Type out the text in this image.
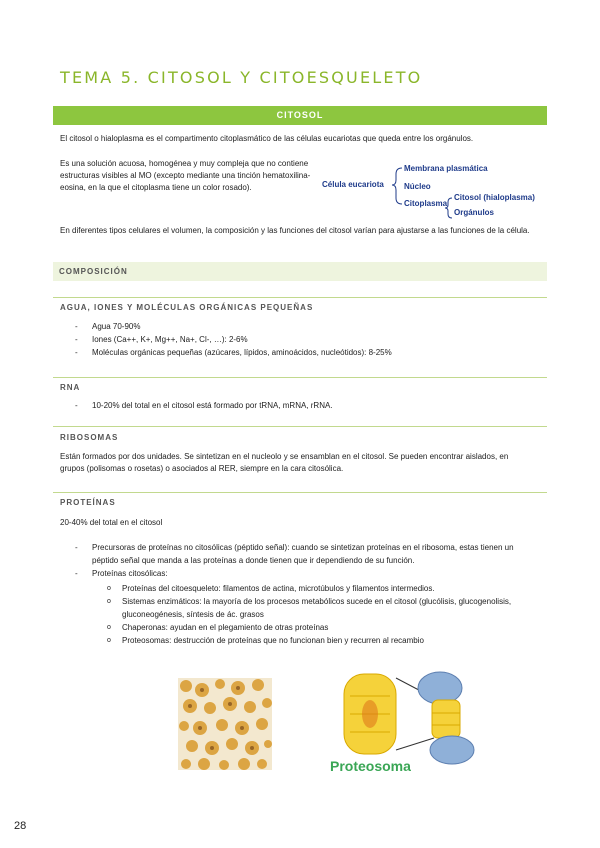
TEMA 5. CITOSOL Y CITOESQUELETO
CITOSOL

El citosol o hialoplasma es el compartimento citoplasmático de las células eucariotas que queda entre los orgánulos.

Es una solución acuosa, homogénea y muy compleja que no contiene estructuras visibles al MO (excepto mediante una tinción hematoxilina-eosina, en la que el citoplasma tiene un color rosado).	Célula eucariota
Membrana plasmática
Núcleo
Citoplasma
Citosol (hialoplasma)
Orgánulos

En diferentes tipos celulares el volumen, la composición y las funciones del citosol varían para ajustarse a las funciones de la célula.

COMPOSICIÓN
AGUA, IONES Y MOLÉCULAS ORGÁNICAS PEQUEÑAS
- Agua 70-90%
- Iones (Ca++, K+, Mg++, Na+, Cl-, …): 2-6%
- Moléculas orgánicas pequeñas (azúcares, lípidos, aminoácidos, nucleótidos): 8-25%
RNA
- 10-20% del total en el citosol está formado por tRNA, mRNA, rRNA.
RIBOSOMAS

Están formados por dos unidades. Se sintetizan en el nucleolo y se ensamblan en el citosol. Se pueden encontrar aislados, en grupos (polisomas o rosetas) o asociados al RER, siempre en la cara citosólica.

PROTEÍNAS

20-40% del total en el citosol

- Precursoras de proteínas no citosólicas (péptido señal): cuando se sintetizan proteínas en el ribosoma, estas tienen un péptido señal que manda a las proteínas a donde tienen que ir dependiendo de su función.
- Proteínas citosólicas:
o Proteínas del citoesqueleto: filamentos de actina, microtúbulos y filamentos intermedios.
o Sistemas enzimáticos: la mayoría de los procesos metabólicos sucede en el citosol (glucólisis, glucogenolisis, gluconeogénesis, síntesis de ác. grasos
o Chaperonas: ayudan en el plegamiento de otras proteínas
o Proteosomas: destrucción de proteínas que no funcionan bien y recurren al recambio
Proteosoma
28
